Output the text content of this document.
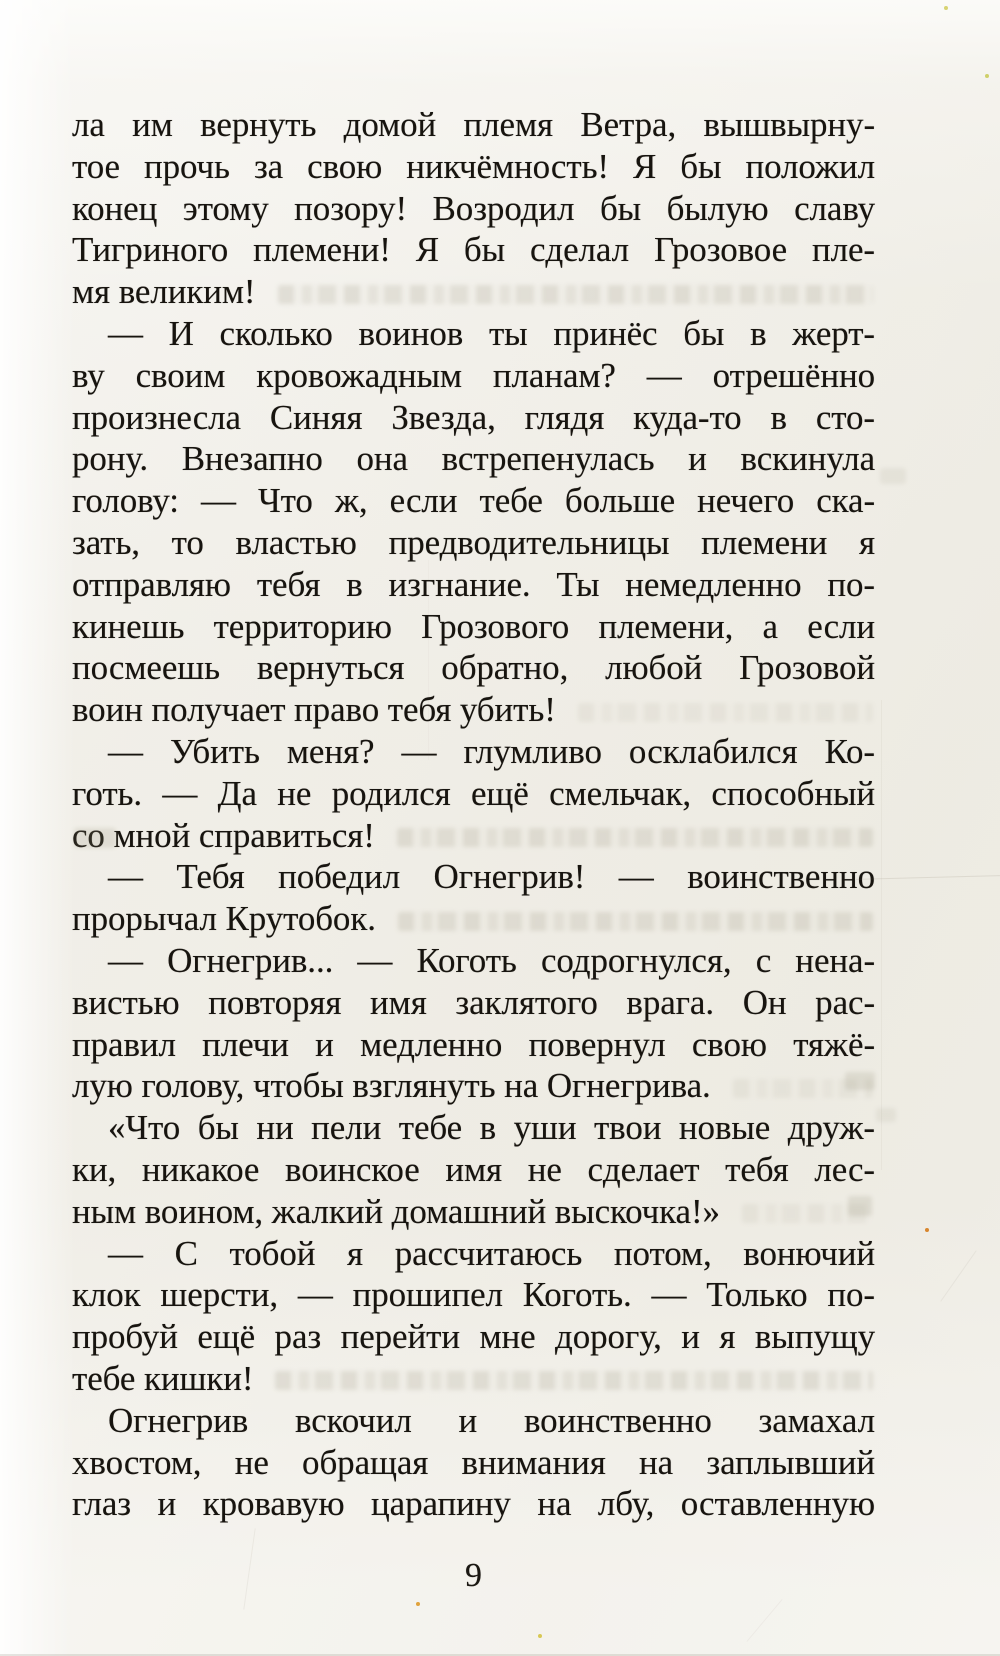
ла им вернуть домой племя Ветра, вышвырну-
тое прочь за свою никчёмность! Я бы положил
конец этому позору! Возродил бы былую славу
Тигриного племени! Я бы сделал Грозовое пле-
мя великим!
— И сколько воинов ты принёс бы в жерт-
ву своим кровожадным планам? — отрешённо
произнесла Синяя Звезда, глядя куда-то в сто-
рону. Внезапно она встрепенулась и вскинула
голову: — Что ж, если тебе больше нечего ска-
зать, то властью предводительницы племени я
отправляю тебя в изгнание. Ты немедленно по-
кинешь территорию Грозового племени, а если
посмеешь вернуться обратно, любой Грозовой
воин получает право тебя убить!
— Убить меня? — глумливо осклабился Ко-
готь. — Да не родился ещё смельчак, способный
со мной справиться!
— Тебя победил Огнегрив! — воинственно
прорычал Крутобок.
— Огнегрив... — Коготь содрогнулся, с нена-
вистью повторяя имя заклятого врага. Он рас-
правил плечи и медленно повернул свою тяжё-
лую голову, чтобы взглянуть на Огнегрива.
«Что бы ни пели тебе в уши твои новые друж-
ки, никакое воинское имя не сделает тебя лес-
ным воином, жалкий домашний выскочка!»
— С тобой я рассчитаюсь потом, вонючий
клок шерсти, — прошипел Коготь. — Только по-
пробуй ещё раз перейти мне дорогу, и я выпущу
тебе кишки!
Огнегрив вскочил и воинственно замахал
хвостом, не обращая внимания на заплывший
глаз и кровавую царапину на лбу, оставленную
9
